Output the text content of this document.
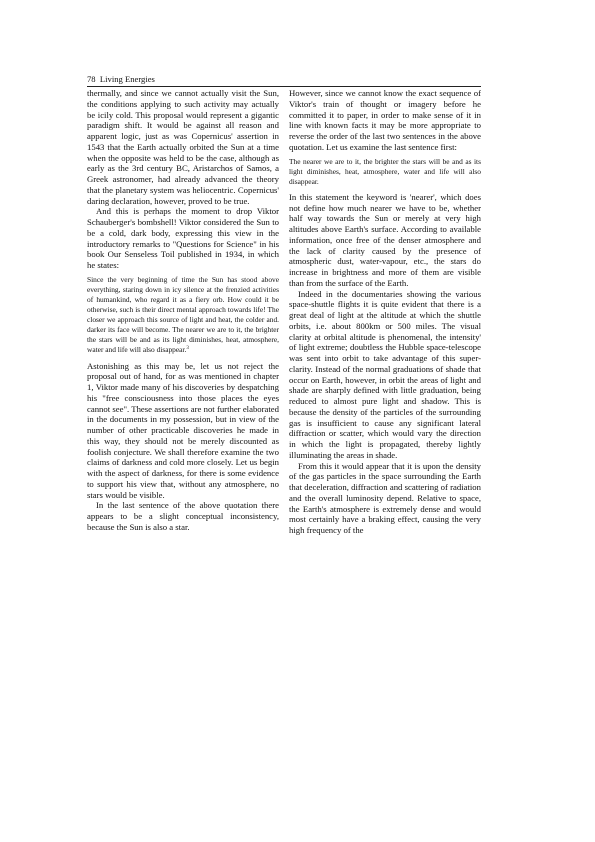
78 Living Energies

thermally, and since we cannot actually visit the Sun, the conditions applying to such activity may actually be icily cold. This proposal would represent a gigantic paradigm shift. It would be against all reason and apparent logic, just as was Copernicus' assertion in 1543 that the Earth actually orbited the Sun at a time when the opposite was held to be the case, although as early as the 3rd century BC, Aristarchos of Samos, a Greek astronomer, had already advanced the theory that the planetary system was heliocentric. Copernicus' daring declaration, however, proved to be true.

And this is perhaps the moment to drop Viktor Schauberger's bombshell! Viktor considered the Sun to be a cold, dark body, expressing this view in the introductory remarks to "Questions for Science" in his book Our Senseless Toil published in 1934, in which he states:

Since the very beginning of time the Sun has stood above everything, staring down in icy silence at the frenzied activities of humankind, who regard it as a fiery orb. How could it be otherwise, such is their direct mental approach towards life! The closer we approach this source of light and heat, the colder and. darker its face will become. The nearer we are to it, the brighter the stars will be and as its light diminishes, heat, atmosphere, water and life will also disappear.$^3$

Astonishing as this may be, let us not reject the proposal out of hand, for as was mentioned in chapter 1, Viktor made many of his discoveries by despatching his "free consciousness into those places the eyes cannot see". These assertions are not further elaborated in the documents in my possession, but in view of the number of other practicable discoveries he made in this way, they should not be merely discounted as foolish conjecture. We shall therefore examine the two claims of darkness and cold more closely. Let us begin with the aspect of darkness, for there is some evidence to support his view that, without any atmosphere, no stars would be visible.

In the last sentence of the above quotation there appears to be a slight conceptual inconsistency, because the Sun is also a star.

However, since we cannot know the exact sequence of Viktor's train of thought or imagery before he committed it to paper, in order to make sense of it in line with known facts it may be more appropriate to reverse the order of the last two sentences in the above quotation. Let us examine the last sentence first:

The nearer we are to it, the brighter the stars will be and as its light diminishes, heat, atmosphere, water and life will also disappear.

In this statement the keyword is 'nearer', which does not define how much nearer we have to be, whether half way towards the Sun or merely at very high altitudes above Earth's surface. According to available information, once free of the denser atmosphere and the lack of clarity caused by the presence of atmospheric dust, water-vapour, etc., the stars do increase in brightness and more of them are visible than from the surface of the Earth.

Indeed in the documentaries showing the various space-shuttle flights it is quite evident that there is a great deal of light at the altitude at which the shuttle orbits, i.e. about 800km or 500 miles. The visual clarity at orbital altitude is phenomenal, the intensity' of light extreme; doubtless the Hubble space-telescope was sent into orbit to take advantage of this super-clarity. Instead of the normal graduations of shade that occur on Earth, however, in orbit the areas of light and shade are sharply defined with little graduation, being reduced to almost pure light and shadow. This is because the density of the particles of the surrounding gas is insufficient to cause any significant lateral diffraction or scatter, which would vary the direction in which the light is propagated, thereby lightly illuminating the areas in shade.

From this it would appear that it is upon the density of the gas particles in the space surrounding the Earth that deceleration, diffraction and scattering of radiation and the overall luminosity depend. Relative to space, the Earth's atmosphere is extremely dense and would most certainly have a braking effect, causing the very high frequency of the
